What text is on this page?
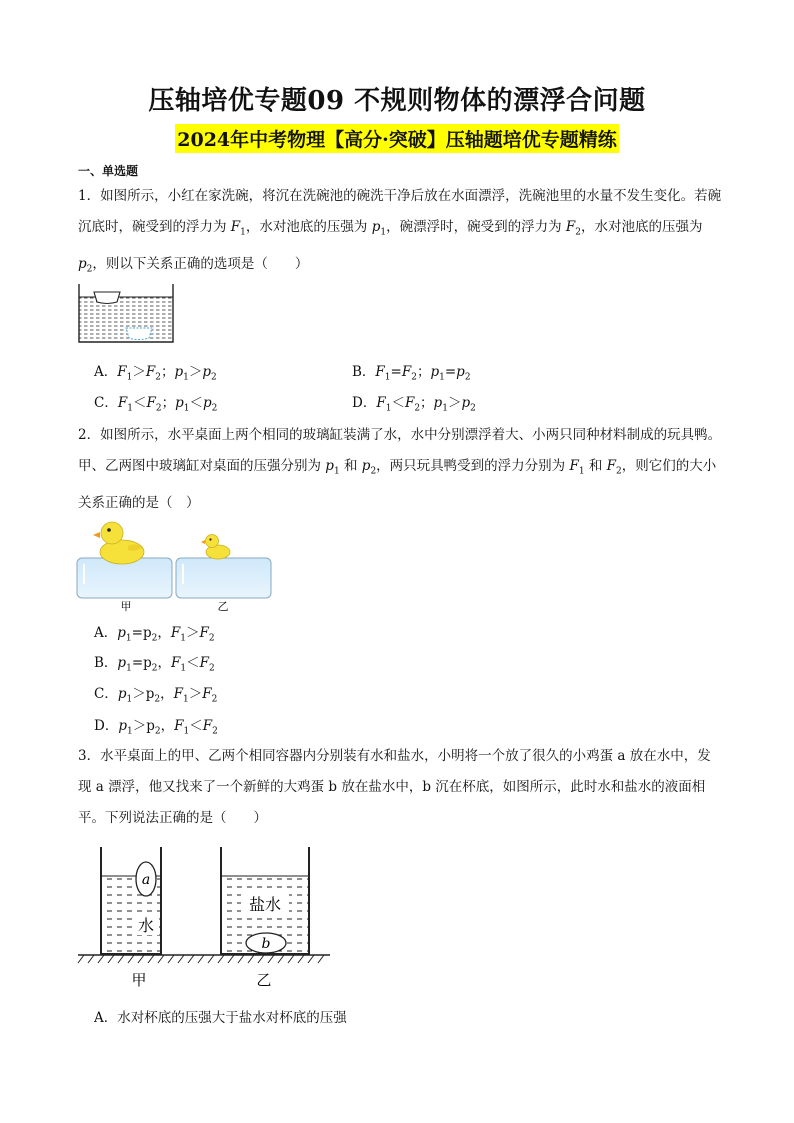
压轴培优专题09 不规则物体的漂浮合问题
2024年中考物理【高分·突破】压轴题培优专题精练
一、单选题
1．如图所示，小红在家洗碗，将沉在洗碗池的碗洗干净后放在水面漂浮，洗碗池里的水量不发生变化。若碗沉底时，碗受到的浮力为 $F_1$，水对池底的压强为 $p_1$，碗漂浮时，碗受到的浮力为 $F_2$，水对池底的压强为 $p_2$，则以下关系正确的选项是（　　）
A．$F_1>F_2$；$p_1>p_2$	B．$F_1=F_2$；$p_1=p_2$
C．$F_1<F_2$；$p_1<p_2$	D．$F_1<F_2$；$p_1>p_2$
2．如图所示，水平桌面上两个相同的玻璃缸装满了水，水中分别漂浮着大、小两只同种材料制成的玩具鸭。甲、乙两图中玻璃缸对桌面的压强分别为 $p_1$ 和 $p_2$，两只玩具鸭受到的浮力分别为 $F_1$ 和 $F_2$，则它们的大小关系正确的是（　）
甲	乙
A．$p_1=p_2$，$F_1>F_2$
B．$p_1=p_2$，$F_1<F_2$
C．$p_1>p_2$，$F_1>F_2$
D．$p_1>p_2$，$F_1<F_2$
3．水平桌面上的甲、乙两个相同容器内分别装有水和盐水，小明将一个放了很久的小鸡蛋 a 放在水中，发现 a 漂浮，他又找来了一个新鲜的大鸡蛋 b 放在盐水中，b 沉在杯底，如图所示，此时水和盐水的液面相平。下列说法正确的是（　　）
a
水
盐水
b
甲	乙
A．水对杯底的压强大于盐水对杯底的压强
